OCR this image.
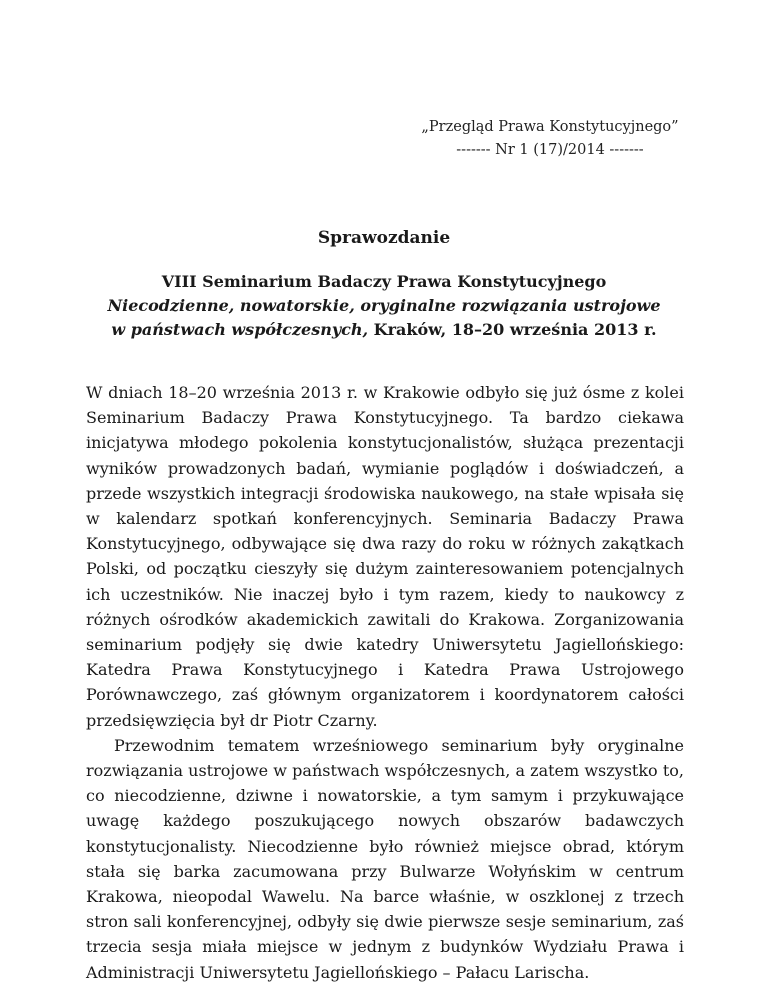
„Przegląd Prawa Konstytucyjnego”
------- Nr 1 (17)/2014 -------
Sprawozdanie
VIII Seminarium Badaczy Prawa Konstytucyjnego
Niecodzienne, nowatorskie, oryginalne rozwiązania ustrojowe
w państwach współczesnych, Kraków, 18–20 września 2013 r.

W dniach 18–20 września 2013 r. w Krakowie odbyło się już ósme z kolei Seminarium Badaczy Prawa Konstytucyjnego. Ta bardzo ciekawa inicjatywa młodego pokolenia konstytucjonalistów, służąca prezentacji wyników prowadzonych badań, wymianie poglądów i doświadczeń, a przede wszystkich integracji środowiska naukowego, na stałe wpisała się w kalendarz spotkań konferencyjnych. Seminaria Badaczy Prawa Konstytucyjnego, odbywające się dwa razy do roku w różnych zakątkach Polski, od początku cieszyły się dużym zainteresowaniem potencjalnych ich uczestników. Nie inaczej było i tym razem, kiedy to naukowcy z różnych ośrodków akademickich zawitali do Krakowa. Zorganizowania seminarium podjęły się dwie katedry Uniwersytetu Jagiellońskiego: Katedra Prawa Konstytucyjnego i Katedra Prawa Ustrojowego Porównawczego, zaś głównym organizatorem i koordynatorem całości przedsięwzięcia był dr Piotr Czarny.

Przewodnim tematem wrześniowego seminarium były oryginalne rozwiązania ustrojowe w państwach współczesnych, a zatem wszystko to, co niecodzienne, dziwne i nowatorskie, a tym samym i przykuwające uwagę każdego poszukującego nowych obszarów badawczych konstytucjonalisty. Niecodzienne było również miejsce obrad, którym stała się barka zacumowana przy Bulwarze Wołyńskim w centrum Krakowa, nieopodal Wawelu. Na barce właśnie, w oszklonej z trzech stron sali konferencyjnej, odbyły się dwie pierwsze sesje seminarium, zaś trzecia sesja miała miejsce w jednym z budynków Wydziału Prawa i Administracji Uniwersytetu Jagiellońskiego – Pałacu Larischa.
